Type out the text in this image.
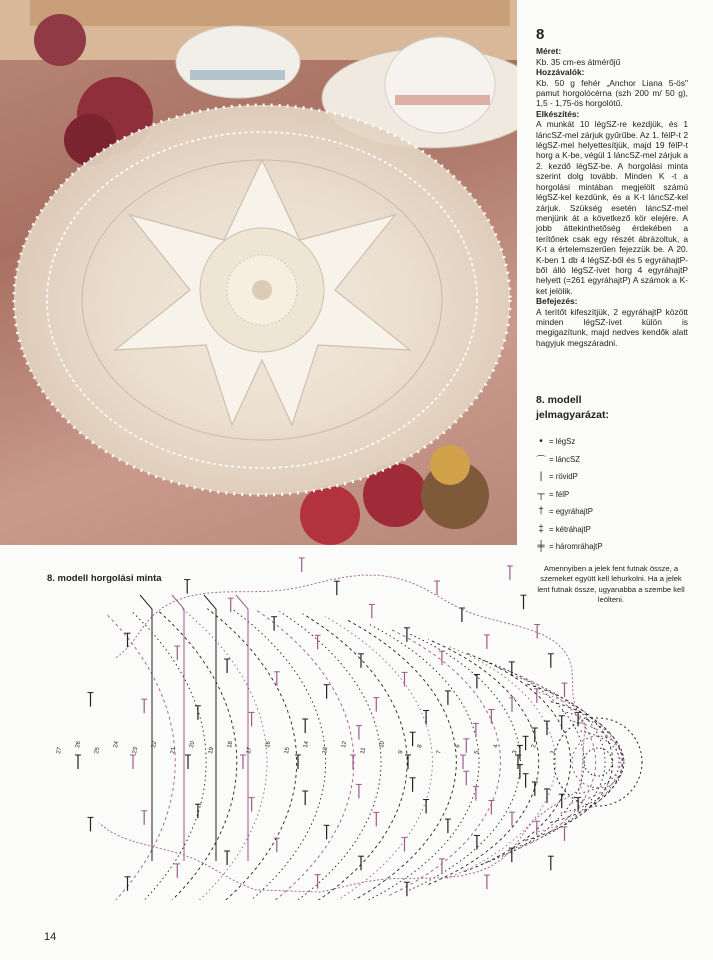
8
Méret:

Kb. 35 cm-es átmérőjű

Hozzávalók:

Kb. 50 g fehér „Anchor Liana 5-ös" pamut horgolócérna (szh 200 m/ 50 g), 1,5 - 1,75-ös horgolótű.

Elkészítés:

A munkát 10 légSZ-re kezdjük, és 1 láncSZ-mel zárjuk gyűrűbe. Az 1. félP-t 2 légSZ-mel helyettesítjük, majd 19 félP-t horg a K-be, végül 1 láncSZ-mel zárjuk a 2. kezdő légSZ-be. A horgolási minta szerint dolg tovább. Minden K -t a horgolási mintában megjelölt számú légSZ-kel kezdünk, és a K-t láncSZ-kel zárjuk. Szükség esetén láncSZ-mel menjünk át a következő kör elejére. A jobb áttekinthetőség érdekében a terítőnek csak egy részét ábrázoltuk, a K-t a értelemszerűen fejezzük be. A 20. K-ben 1 db 4 légSZ-ből és 5 egyráhajtP-ből álló légSZ-ívet horg 4 egyráhajtP helyett (=261 egyráhajtP) A számok a K-ket jelölik.

Befejezés:

A terítőt kifeszítjük, 2 egyráhajtP között minden légSZ-ívet külön is megigazítunk, majd nedves kendők alatt hagyjuk megszáradni.

8. modell
jelmagyarázat:
• = légSz
⌒ = láncSZ
| = rövidP
┬ = félP
† = egyráhajtP
‡ = kétráhajtP
╪ = háromráhajtP
Amennyiben a jelek fent futnak össze, a szemeket együtt kell lehurkolni. Ha a jelek lent futnak össze, ugyanabba a szembe kell leölteni.
8. modell horgolási minta
1
2
3
4
5
6
7
8
9
10
11
12
13
14
15
16
17
18
19
20
21
22
23
24
25
26
27
14
